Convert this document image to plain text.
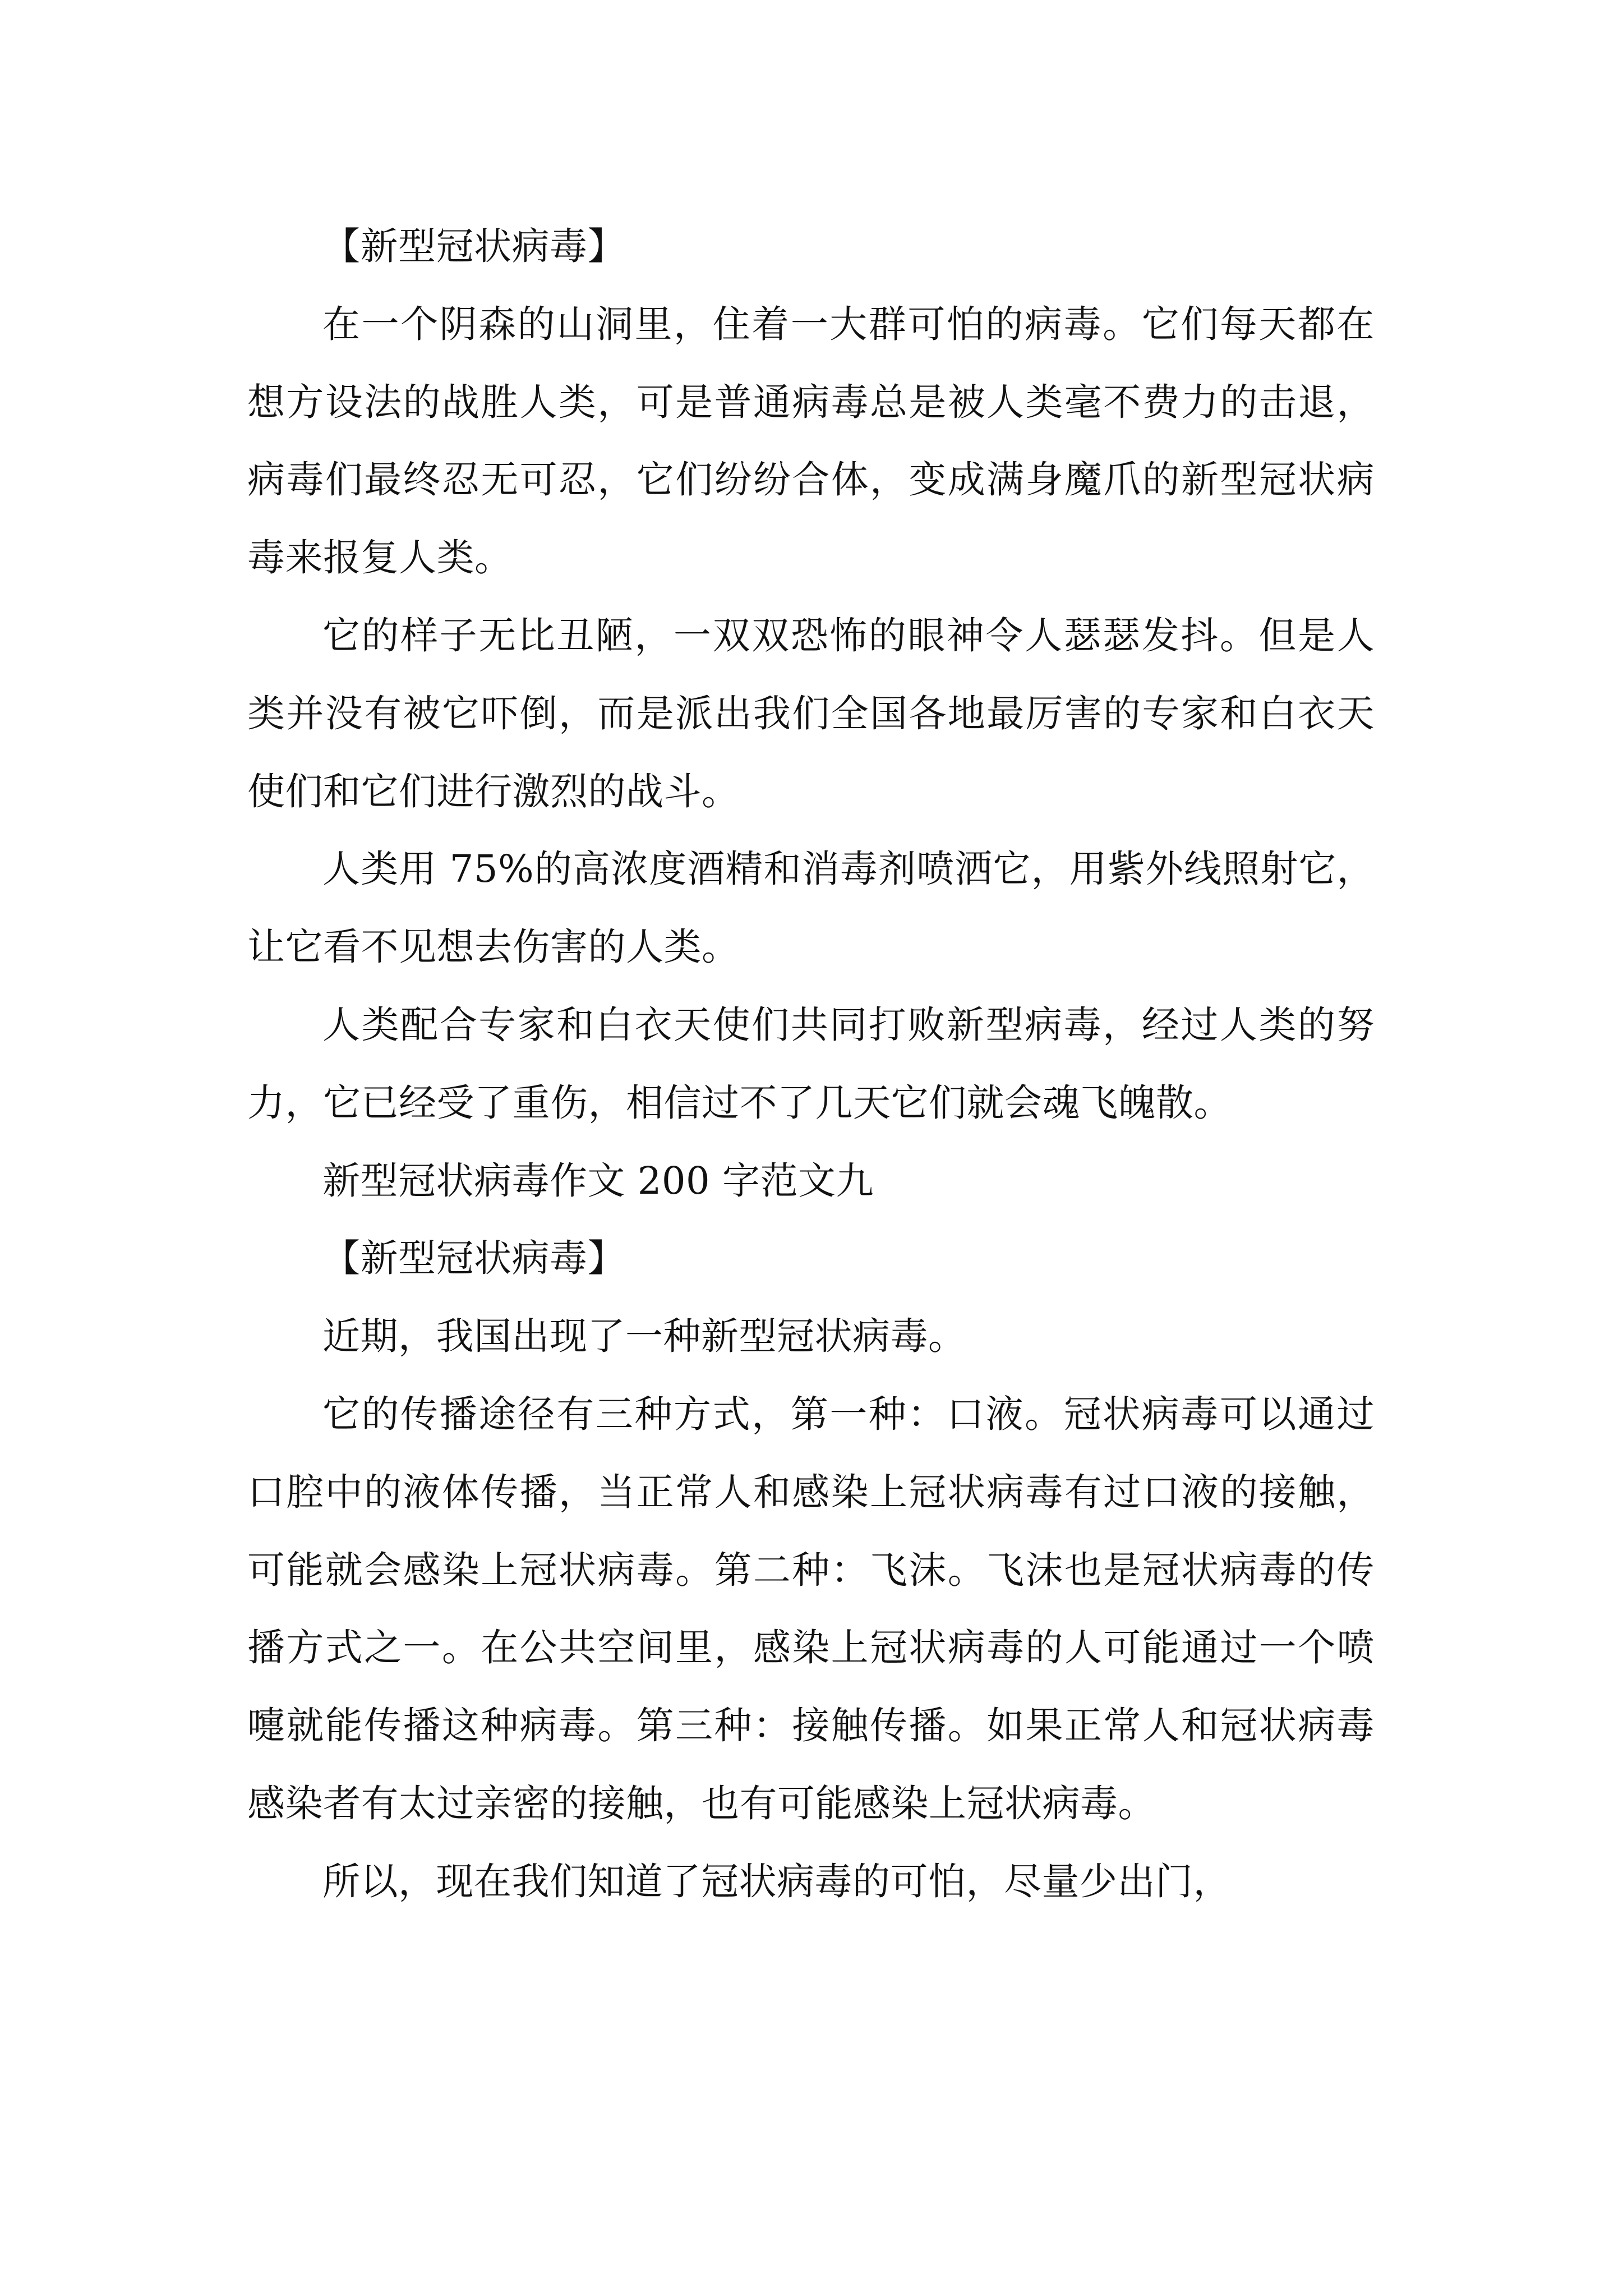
【新型冠状病毒】

在一个阴森的山洞里，住着一大群可怕的病毒。它们每天都在想方设法的战胜人类，可是普通病毒总是被人类毫不费力的击退，病毒们最终忍无可忍，它们纷纷合体，变成满身魔爪的新型冠状病毒来报复人类。

它的样子无比丑陋，一双双恐怖的眼神令人瑟瑟发抖。但是人类并没有被它吓倒，而是派出我们全国各地最厉害的专家和白衣天使们和它们进行激烈的战斗。

人类用 75%的高浓度酒精和消毒剂喷洒它，用紫外线照射它，让它看不见想去伤害的人类。

人类配合专家和白衣天使们共同打败新型病毒，经过人类的努力，它已经受了重伤，相信过不了几天它们就会魂飞魄散。

新型冠状病毒作文 200 字范文九

【新型冠状病毒】

近期，我国出现了一种新型冠状病毒。

它的传播途径有三种方式，第一种：口液。冠状病毒可以通过口腔中的液体传播，当正常人和感染上冠状病毒有过口液的接触，可能就会感染上冠状病毒。第二种：飞沫。飞沫也是冠状病毒的传播方式之一。在公共空间里，感染上冠状病毒的人可能通过一个喷嚏就能传播这种病毒。第三种：接触传播。如果正常人和冠状病毒感染者有太过亲密的接触，也有可能感染上冠状病毒。

所以，现在我们知道了冠状病毒的可怕，尽量少出门，
